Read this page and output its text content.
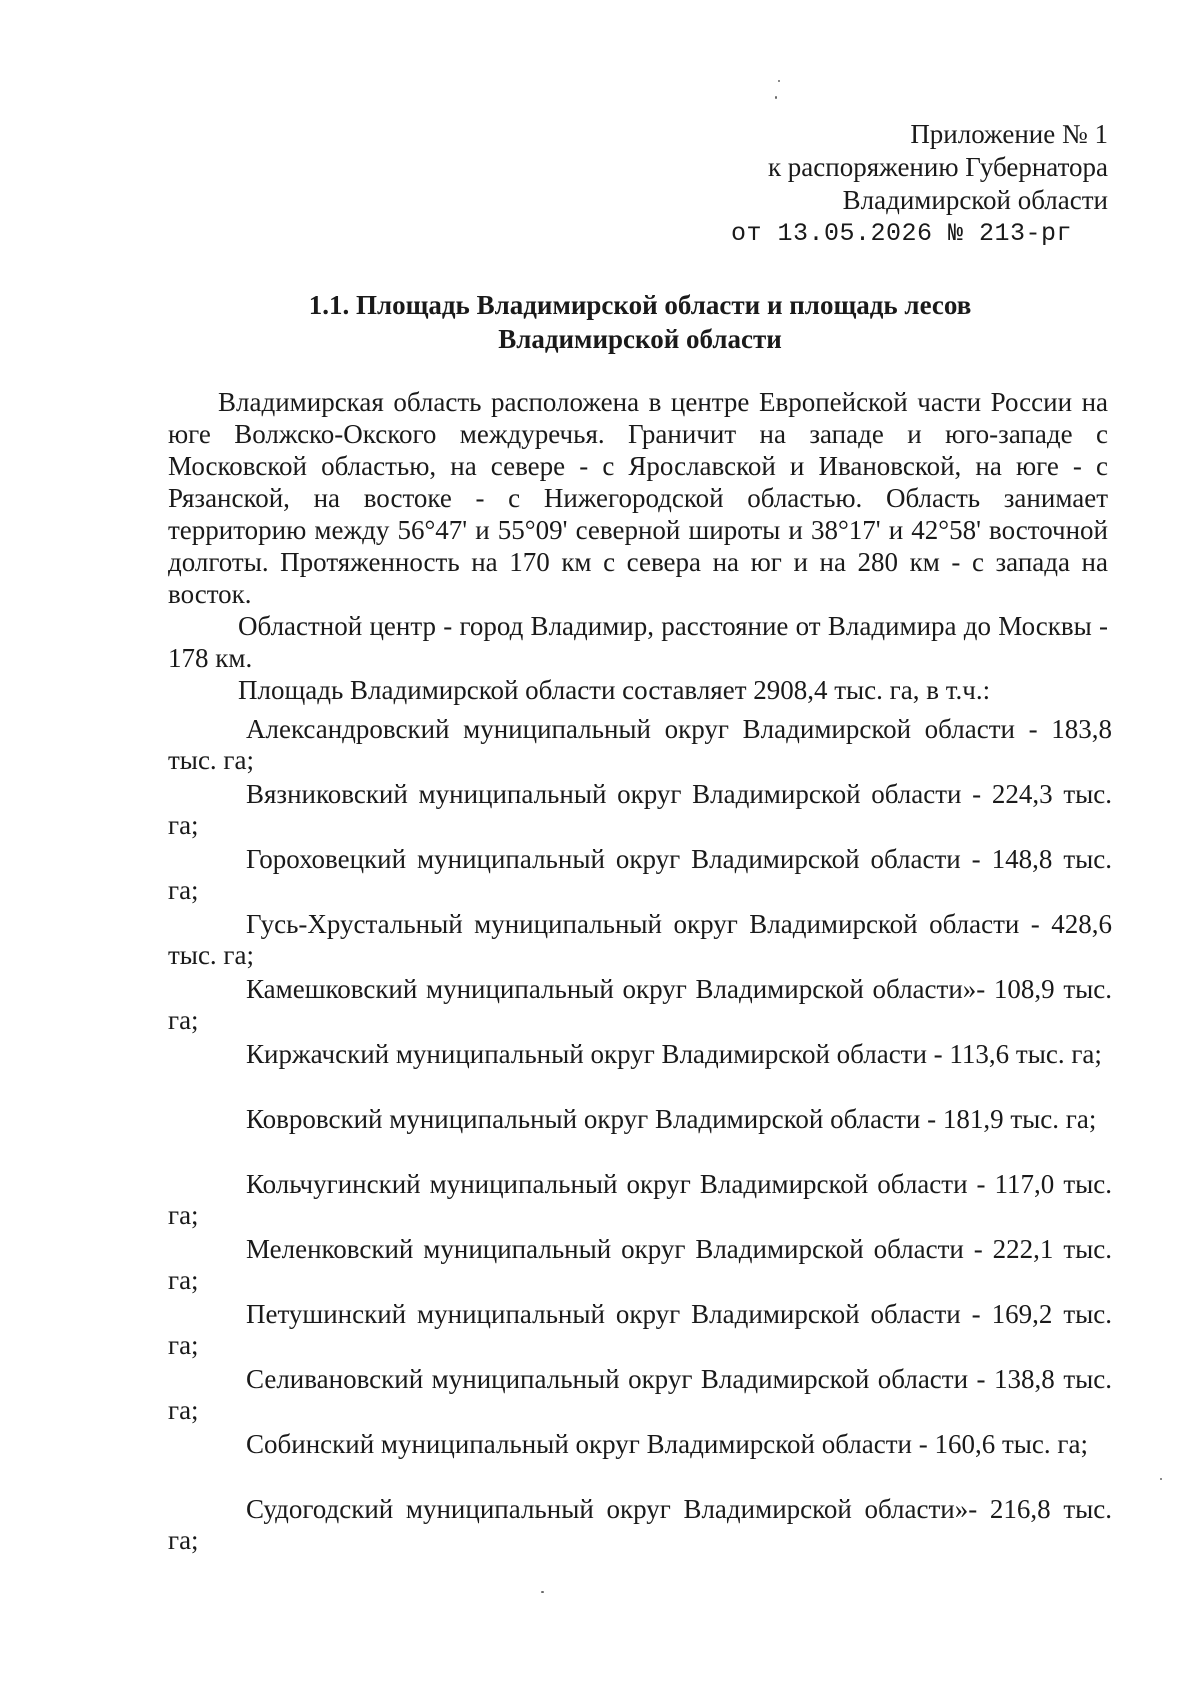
Приложение № 1
к распоряжению Губернатора
Владимирской области
от 13.05.2026 № 213-рг
1.1. Площадь Владимирской области и площадь лесов
Владимирской области

Владимирская область расположена в центре Европейской части России на юге Волжско-Окского междуречья. Граничит на западе и юго-западе с Московской областью, на севере - с Ярославской и Ивановской, на юге - с Рязанской, на востоке - с Нижегородской областью. Область занимает территорию между 56°47' и 55°09' северной широты и 38°17' и 42°58' восточной долготы. Протяженность на 170 км с севера на юг и на 280 км - с запада на восток.

Областной центр - город Владимир, расстояние от Владимира до Москвы - 178 км.

Площадь Владимирской области составляет 2908,4 тыс. га, в т.ч.:

Александровский муниципальный округ Владимирской области - 183,8 тыс. га;

Вязниковский муниципальный округ Владимирской области - 224,3 тыс. га;

Гороховецкий муниципальный округ Владимирской области - 148,8 тыс. га;

Гусь-Хрустальный муниципальный округ Владимирской области - 428,6 тыс. га;

Камешковский муниципальный округ Владимирской области»- 108,9 тыс. га;

Киржачский муниципальный округ Владимирской области - 113,6 тыс. га;

Ковровский муниципальный округ Владимирской области - 181,9 тыс. га;

Кольчугинский муниципальный округ Владимирской области - 117,0 тыс. га;

Меленковский муниципальный округ Владимирской области - 222,1 тыс. га;

Петушинский муниципальный округ Владимирской области - 169,2 тыс. га;

Селивановский муниципальный округ Владимирской области - 138,8 тыс. га;

Собинский муниципальный округ Владимирской области - 160,6 тыс. га;

Судогодский муниципальный округ Владимирской области»- 216,8 тыс. га;
